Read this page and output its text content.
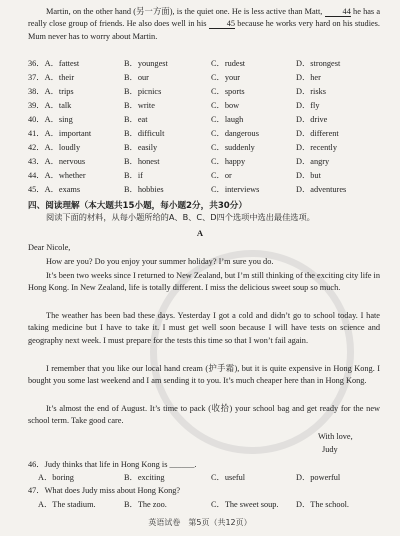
Martin, on the other hand (另一方面), is the quiet one. He is less active than Matt, 44 he has a really close group of friends. He also does well in his 45 because he works very hard on his studies. Mum never has to worry about Martin.
36．A．fattest	B．youngest	C．rudest	D．strongest
37．A．their	B．our	C．your	D．her
38．A．trips	B．picnics	C．sports	D．risks
39．A．talk	B．write	C．bow	D．fly
40．A．sing	B．eat	C．laugh	D．drive
41．A．important	B．difficult	C．dangerous	D．different
42．A．loudly	B．easily	C．suddenly	D．recently
43．A．nervous	B．honest	C．happy	D．angry
44．A．whether	B．if	C．or	D．but
45．A．exams	B．hobbies	C．interviews	D．adventures
四、阅读理解（本大题共15小题，每小题2分，共30分）
阅读下面的材料，从每小题所给的A、B、C、D四个选项中选出最佳选项。
A
Dear Nicole,
How are you? Do you enjoy your summer holiday? I’m sure you do.
It’s been two weeks since I returned to New Zealand, but I’m still thinking of the exciting city life in Hong Kong. In New Zealand, life is totally different. I miss the delicious sweet soup so much.
The weather has been bad these days. Yesterday I got a cold and didn’t go to school today. I hate taking medicine but I have to take it. I must get well soon because I will have tests on science and geography next week. I must prepare for the tests this time so that I won’t fail again.
I remember that you like our local hand cream (护手霜), but it is quite expensive in Hong Kong. I bought you some last weekend and I am sending it to you. It’s much cheaper here than in Hong Kong.
It’s almost the end of August. It’s time to pack (收拾) your school bag and get ready for the new school term. Take good care.
With love,
Judy
46．Judy thinks that life in Hong Kong is ______.
A．boring	B．exciting	C．useful	D．powerful
47．What does Judy miss about Hong Kong?
A．The stadium.	B．The zoo.	C．The sweet soup. D．The school.
英语试卷　第5页（共12页）
